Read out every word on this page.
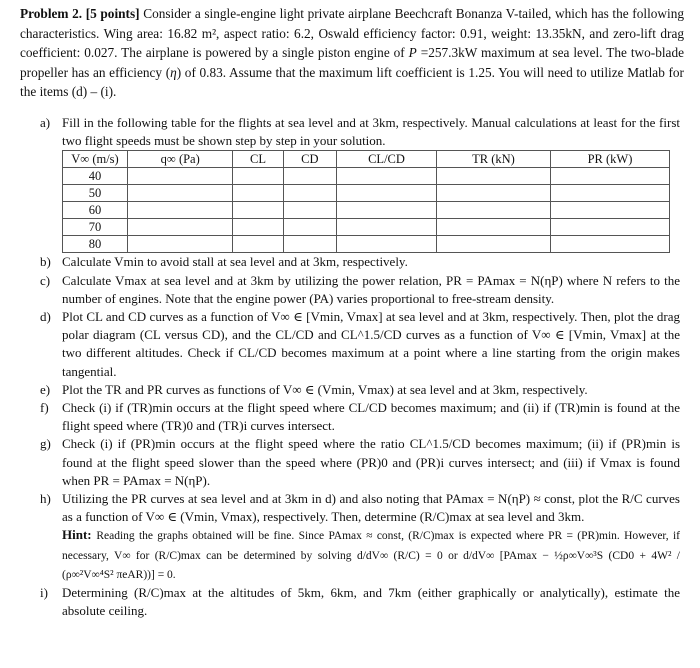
Problem 2. [5 points] Consider a single-engine light private airplane Beechcraft Bonanza V-tailed, which has the following characteristics. Wing area: 16.82 m², aspect ratio: 6.2, Oswald efficiency factor: 0.91, weight: 13.35kN, and zero-lift drag coefficient: 0.027. The airplane is powered by a single piston engine of P =257.3kW maximum at sea level. The two-blade propeller has an efficiency (η) of 0.83. Assume that the maximum lift coefficient is 1.25. You will need to utilize Matlab for the items (d) – (i).
a) Fill in the following table for the flights at sea level and at 3km, respectively. Manual calculations at least for the first two flight speeds must be shown step by step in your solution.
V∞ (m/s)	q∞ (Pa)	CL	CD	CL/CD	TR (kN)	PR (kW)
40						
50						
60						
70						
80						
b) Calculate Vmin to avoid stall at sea level and at 3km, respectively.
c) Calculate Vmax at sea level and at 3km by utilizing the power relation, PR = PAmax = N(ηP) where N refers to the number of engines. Note that the engine power (PA) varies proportional to free-stream density.
d) Plot CL and CD curves as a function of V∞ ∈ [Vmin, Vmax] at sea level and at 3km, respectively. Then, plot the drag polar diagram (CL versus CD), and the CL/CD and CL^1.5/CD curves as a function of V∞ ∈ [Vmin, Vmax] at the two different altitudes. Check if CL/CD becomes maximum at a point where a line starting from the origin makes tangential.
e) Plot the TR and PR curves as functions of V∞ ∈ (Vmin, Vmax) at sea level and at 3km, respectively.
f)	Check (i) if (TR)min occurs at the flight speed where CL/CD becomes maximum; and (ii) if (TR)min is found at the flight speed where (TR)0 and (TR)i curves intersect.
g) Check (i) if (PR)min occurs at the flight speed where the ratio CL^1.5/CD becomes maximum; (ii) if (PR)min is found at the flight speed slower than the speed where (PR)0 and (PR)i curves intersect; and (iii) if Vmax is found when PR = PAmax = N(ηP).
h) Utilizing the PR curves at sea level and at 3km in d) and also noting that PAmax = N(ηP) ≈ const, plot the R/C curves as a function of V∞ ∈ (Vmin, Vmax), respectively. Then, determine (R/C)max at sea level and 3km.
Hint: Reading the graphs obtained will be fine. Since PAmax ≈ const, (R/C)max is expected where PR = (PR)min. However, if necessary, V∞ for (R/C)max can be determined by solving d/dV∞ (R/C) = 0 or d/dV∞ [PAmax − ½ρ∞V∞³S (CD0 + 4W² / (ρ∞²V∞⁴S² πeAR))] = 0.
i)	Determining (R/C)max at the altitudes of 5km, 6km, and 7km (either graphically or analytically), estimate the absolute ceiling.
